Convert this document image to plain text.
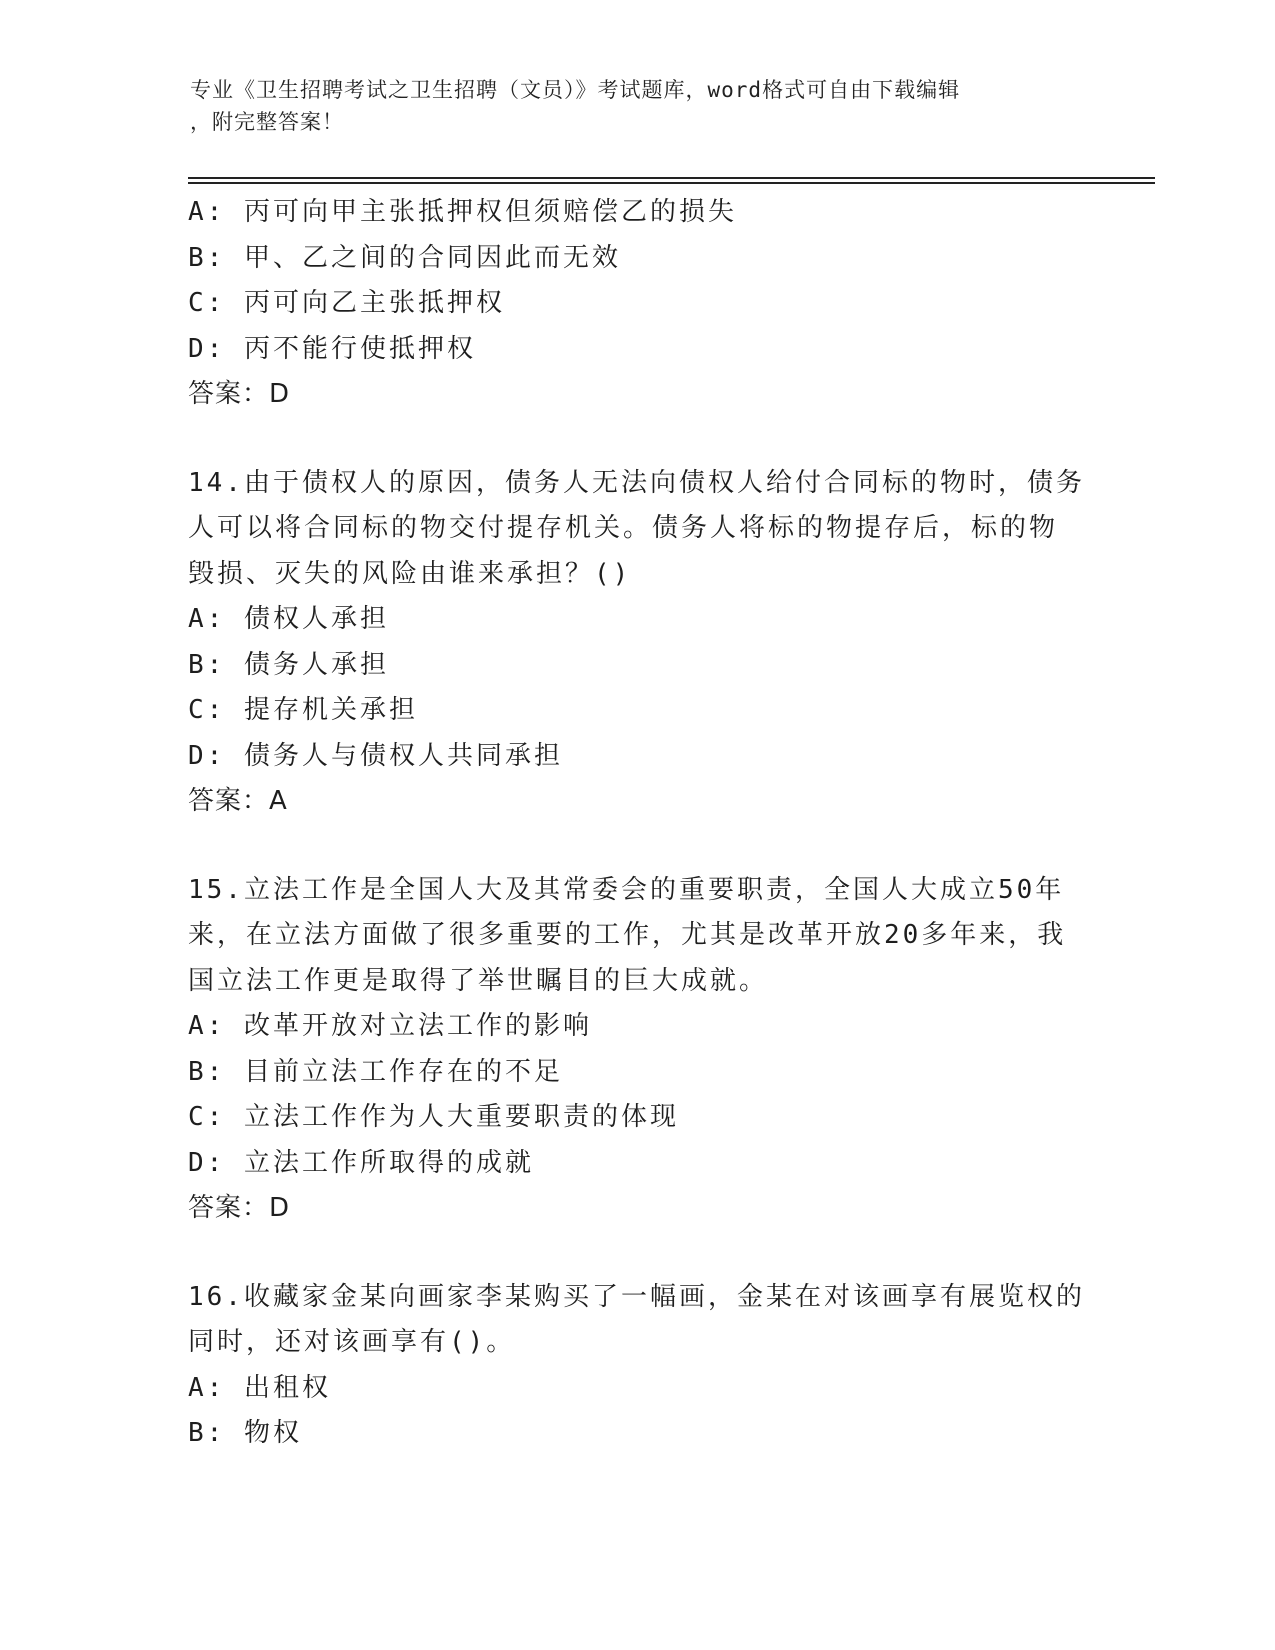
专业《卫生招聘考试之卫生招聘（文员）》考试题库，word格式可自由下载编辑
，附完整答案！
A: 丙可向甲主张抵押权但须赔偿乙的损失
B: 甲、乙之间的合同因此而无效
C: 丙可向乙主张抵押权
D: 丙不能行使抵押权
答案：D
14.由于债权人的原因，债务人无法向债权人给付合同标的物时，债务
人可以将合同标的物交付提存机关。债务人将标的物提存后，标的物
毁损、灭失的风险由谁来承担？()
A: 债权人承担
B: 债务人承担
C: 提存机关承担
D: 债务人与债权人共同承担
答案：A
15.立法工作是全国人大及其常委会的重要职责，全国人大成立50年
来，在立法方面做了很多重要的工作，尤其是改革开放20多年来，我
国立法工作更是取得了举世瞩目的巨大成就。
A: 改革开放对立法工作的影响
B: 目前立法工作存在的不足
C: 立法工作作为人大重要职责的体现
D: 立法工作所取得的成就
答案：D
16.收藏家金某向画家李某购买了一幅画，金某在对该画享有展览权的
同时，还对该画享有()。
A: 出租权
B: 物权
